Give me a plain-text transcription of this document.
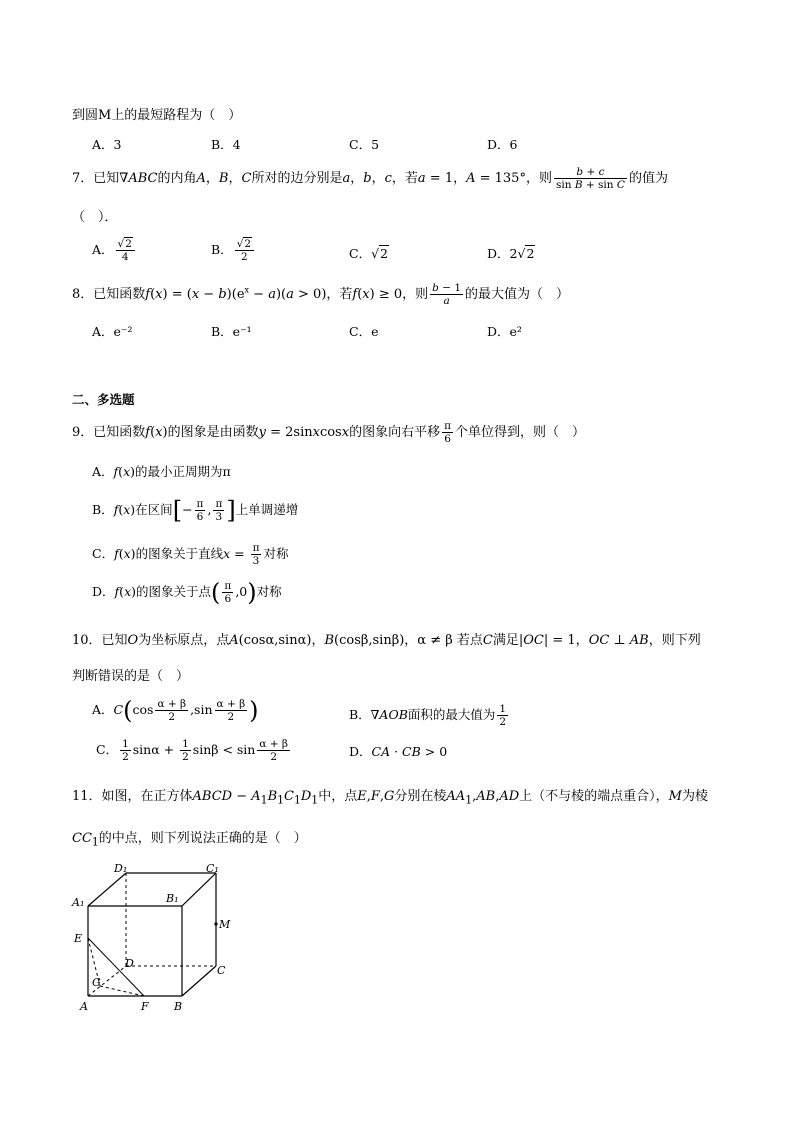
到圆M上的最短路程为（　）
A．3	B．4	C．5	D．6
7．已知∇ABC的内角A，B，C所对的边分别是a，b，c，若a = 1，A = 135°，则 $\frac{b + c}{\text{sin B + sin C}}$ 的值为
（　）．
A． $\frac{√2}{4}$	B． $\frac{√2}{2}$	C．√2	D．2√2
8．已知函数$f(x) = (x - b)(e^x - a)(a > 0)$，若f(x) ≥ 0，则 $\frac{b - 1}{a}$ 的最大值为（　）
A．e⁻²	B．e⁻¹	C．e	D．e²
二、多选题
9．已知函数f(x)的图象是由函数y = 2sinxcosx的图象向右平移 $\frac{\pi}{6}$ 个单位得到，则（　）
A．f(x)的最小正周期为π
B．f(x)在区间[− $\frac{\pi}{6}$ , $\frac{\pi}{3}$ ]上单调递增
C．f(x)的图象关于直线$x = \frac{\pi}{3}$ 对称
D．f(x)的图象关于点( $\frac{\pi}{6} ,0$)对称
10．已知O为坐标原点，点A(cosα,sinα)，B(cosβ,sinβ)，α ≠ β 若点C满足|OC| = 1，OC ⊥ AB，则下列
判断错误的是（　）
A．$C(\cos \frac{\alpha + \beta}{2} ,\sin \frac{\alpha + \beta}{2}$ )	B．∇AOB面积的最大值为 $\frac{1}{2}$
C． $\frac{1}{2}$ $\sin\alpha + \frac{1}{2}$ $\sin\beta < \sin \frac{\alpha + \beta}{2}$	D．CA · CB > 0
11．如图，在正方体ABCD − $A_1B_1C_1D_1$中，点E,F,G分别在棱$AA_1,AB,AD$上（不与棱的端点重合），M为棱
$CC_1$的中点，则下列说法正确的是（　）
D₁	C₁
A₁	B₁
M
E
D
C
G
A	F B
